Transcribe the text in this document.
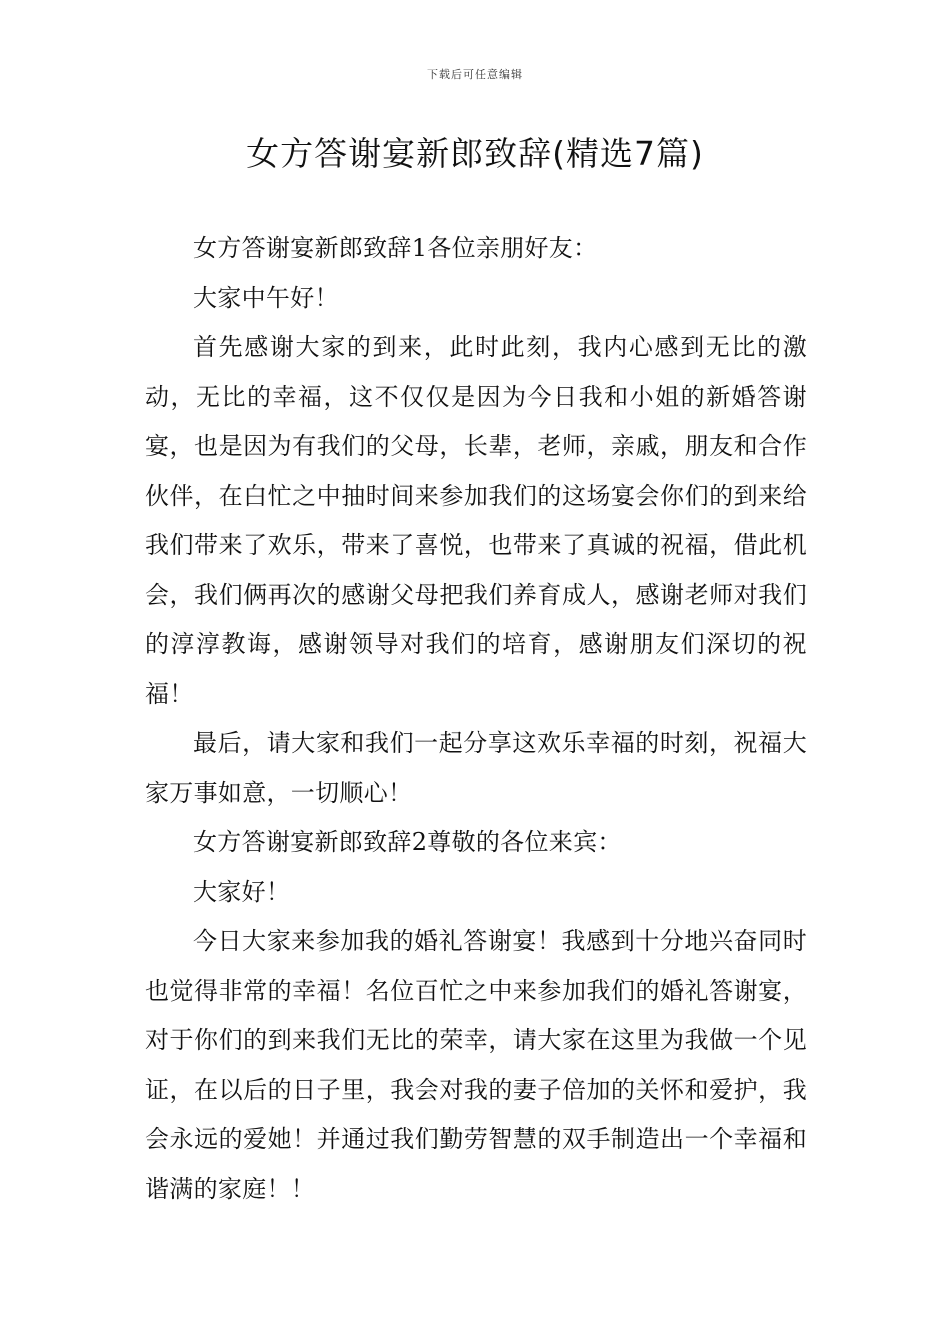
下载后可任意编辑
女方答谢宴新郎致辞(精选7篇)

女方答谢宴新郎致辞1各位亲朋好友：

大家中午好！

首先感谢大家的到来，此时此刻，我内心感到无比的激动，无比的幸福，这不仅仅是因为今日我和小姐的新婚答谢宴，也是因为有我们的父母，长辈，老师，亲戚，朋友和合作伙伴，在白忙之中抽时间来参加我们的这场宴会你们的到来给我们带来了欢乐，带来了喜悦，也带来了真诚的祝福，借此机会，我们俩再次的感谢父母把我们养育成人，感谢老师对我们的淳淳教诲，感谢领导对我们的培育，感谢朋友们深切的祝福！

最后，请大家和我们一起分享这欢乐幸福的时刻，祝福大家万事如意，一切顺心！

女方答谢宴新郎致辞2尊敬的各位来宾：

大家好！

今日大家来参加我的婚礼答谢宴！我感到十分地兴奋同时也觉得非常的幸福！名位百忙之中来参加我们的婚礼答谢宴，对于你们的到来我们无比的荣幸，请大家在这里为我做一个见证，在以后的日子里，我会对我的妻子倍加的关怀和爱护，我会永远的爱她！并通过我们勤劳智慧的双手制造出一个幸福和谐满的家庭！！
